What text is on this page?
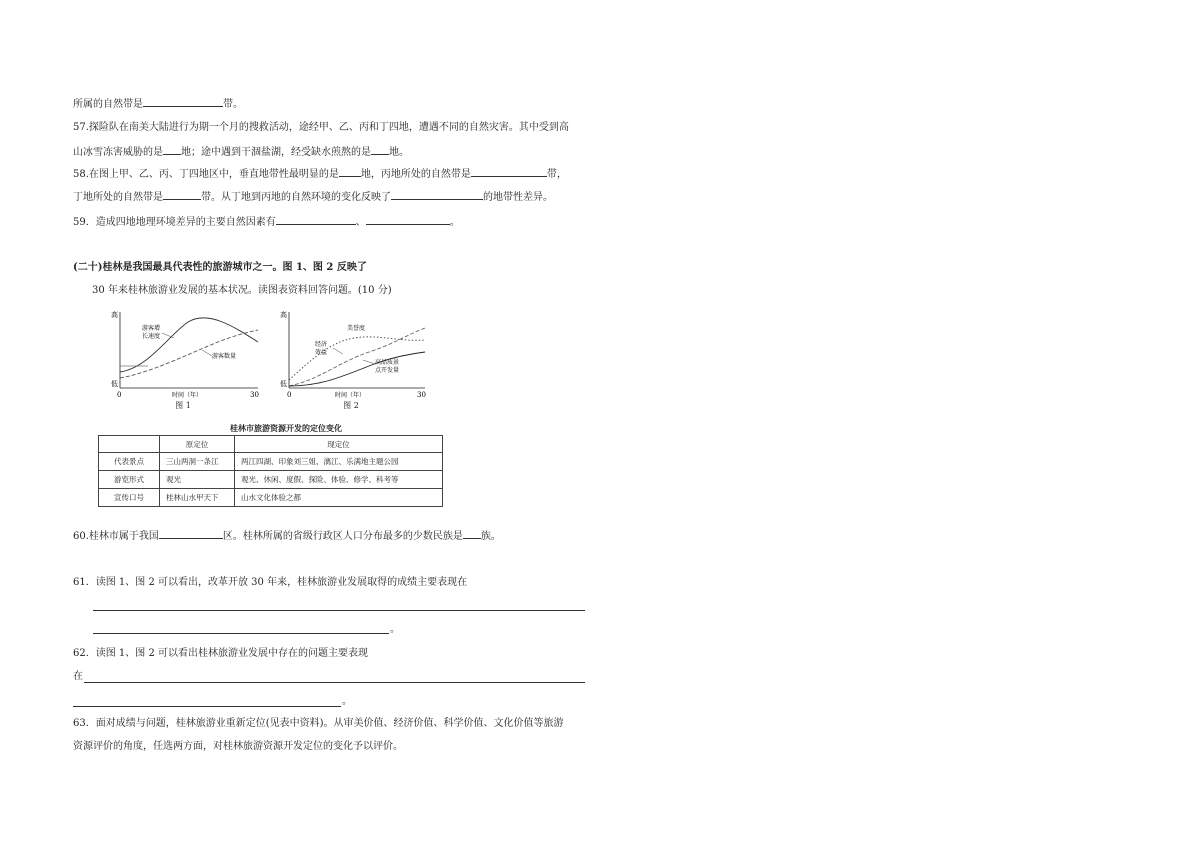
所属的自然带是	带。
57.探险队在南美大陆进行为期一个月的搜救活动，途经甲、乙、丙和丁四地，遭遇不同的自然灾害。其中受到高
山冰雪冻害威胁的是 地；途中遇到干涸盐湖，经受缺水煎熬的是 地。
58.在图上甲、乙、丙、丁四地区中，垂直地带性最明显的是 地，丙地所处的自然带是	带，
丁地所处的自然带是	带。从丁地到丙地的自然环境的变化反映了	的地带性差异。
59．造成四地地理环境差异的主要自然因素有	、	。
(二十)桂林是我国最具代表性的旅游城市之一。图 1、图 2 反映了
30 年来桂林旅游业发展的基本状况。读图表资料回答问题。(10 分)
高
低
0	30
时间（年）
游客增
长速度
游客数量
图 1
高
低
0	30
时间（年）
美誉度
经济
效益
高品质景
点开发量
图 2
桂林市旅游资源开发的定位变化
	原定位	现定位
代表景点	三山两洞一条江	两江四湖、印象刘三姐、漓江、乐满地主题公园
游览形式	观光	观光、休闲、度假、探险、体验、修学、科考等
宣传口号	桂林山水甲天下	山水文化体验之都
60.桂林市属于我国	区。桂林所属的省级行政区人口分布最多的少数民族是 族。
61．读图 1、图 2 可以看出，改革开放 30 年来，桂林旅游业发展取得的成绩主要表现在
。
62．读图 1、图 2 可以看出桂林旅游业发展中存在的问题主要表现
在
。
63．面对成绩与问题，桂林旅游业重新定位(见表中资料)。从审美价值、经济价值、科学价值、文化价值等旅游
资源评价的角度，任选两方面，对桂林旅游资源开发定位的变化予以评价。
